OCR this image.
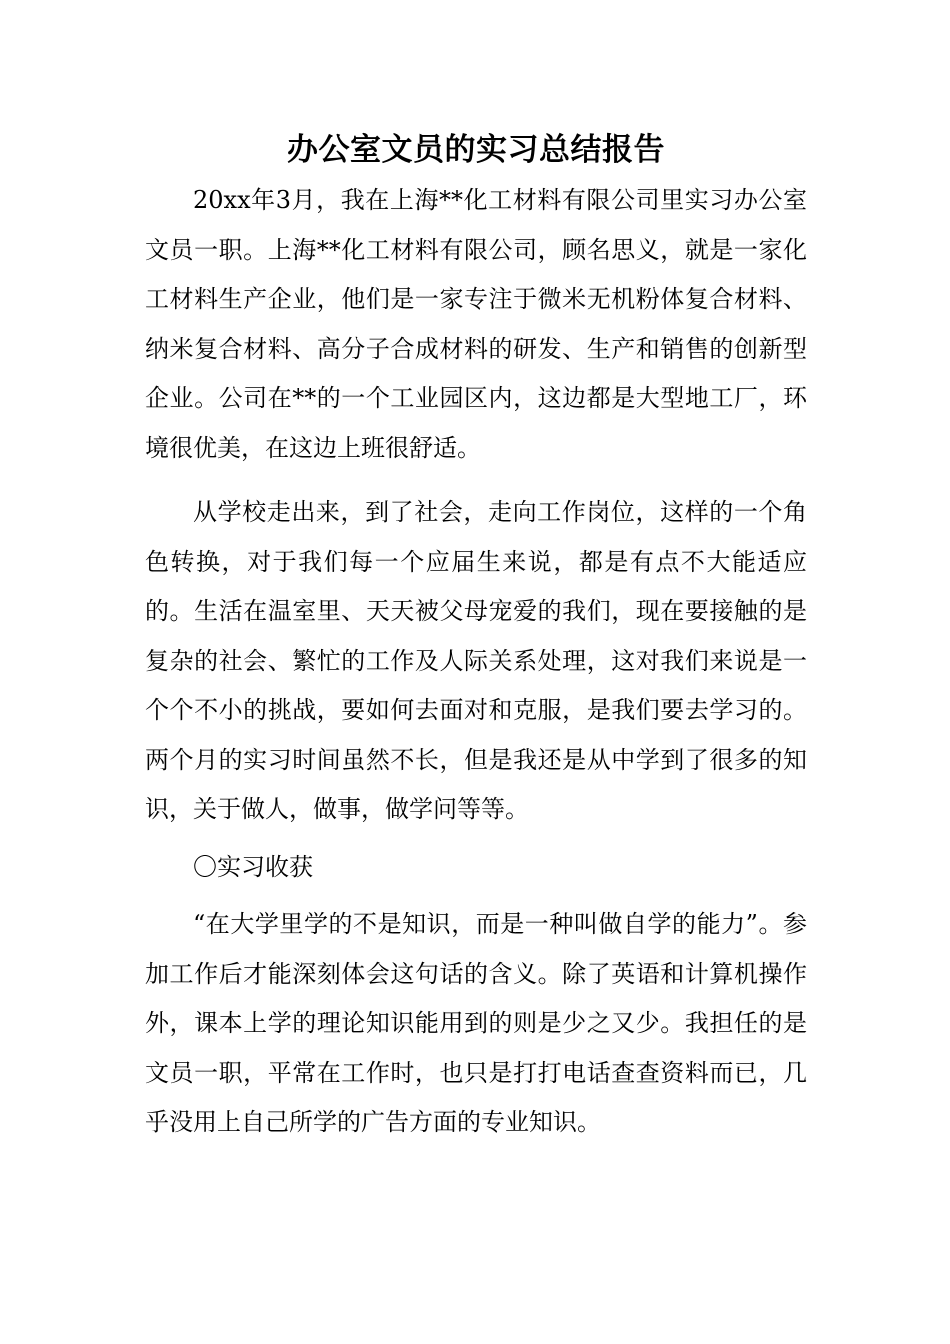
办公室文员的实习总结报告

20xx年3月，我在上海**化工材料有限公司里实习办公室文员一职。上海**化工材料有限公司，顾名思义，就是一家化工材料生产企业，他们是一家专注于微米无机粉体复合材料、纳米复合材料、高分子合成材料的研发、生产和销售的创新型企业。公司在**的一个工业园区内，这边都是大型地工厂，环境很优美，在这边上班很舒适。

从学校走出来，到了社会，走向工作岗位，这样的一个角色转换，对于我们每一个应届生来说，都是有点不大能适应的。生活在温室里、天天被父母宠爱的我们，现在要接触的是复杂的社会、繁忙的工作及人际关系处理，这对我们来说是一个个不小的挑战，要如何去面对和克服，是我们要去学习的。两个月的实习时间虽然不长，但是我还是从中学到了很多的知识，关于做人，做事，做学问等等。

〇实习收获

“在大学里学的不是知识，而是一种叫做自学的能力”。参加工作后才能深刻体会这句话的含义。除了英语和计算机操作外，课本上学的理论知识能用到的则是少之又少。我担任的是文员一职，平常在工作时，也只是打打电话查查资料而已，几乎没用上自己所学的广告方面的专业知识。
